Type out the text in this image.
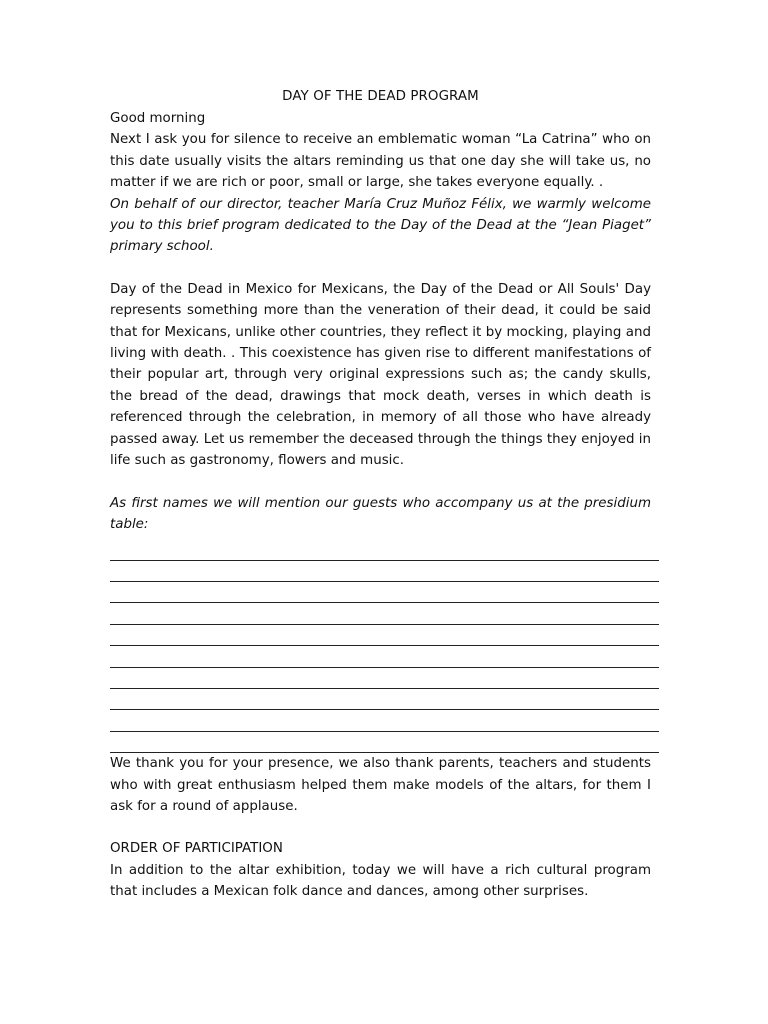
DAY OF THE DEAD PROGRAM

Good morning

Next I ask you for silence to receive an emblematic woman “La Catrina” who on this date usually visits the altars reminding us that one day she will take us, no matter if we are rich or poor, small or large, she takes everyone equally. .

On behalf of our director, teacher María Cruz Muñoz Félix, we warmly welcome you to this brief program dedicated to the Day of the Dead at the “Jean Piaget” primary school.

Day of the Dead in Mexico for Mexicans, the Day of the Dead or All Souls' Day represents something more than the veneration of their dead, it could be said that for Mexicans, unlike other countries, they reflect it by mocking, playing and living with death. . This coexistence has given rise to different manifestations of their popular art, through very original expressions such as; the candy skulls, the bread of the dead, drawings that mock death, verses in which death is referenced through the celebration, in memory of all those who have already passed away. Let us remember the deceased through the things they enjoyed in life such as gastronomy, flowers and music.

As first names we will mention our guests who accompany us at the presidium table:

We thank you for your presence, we also thank parents, teachers and students who with great enthusiasm helped them make models of the altars, for them I ask for a round of applause.

ORDER OF PARTICIPATION

In addition to the altar exhibition, today we will have a rich cultural program that includes a Mexican folk dance and dances, among other surprises.
